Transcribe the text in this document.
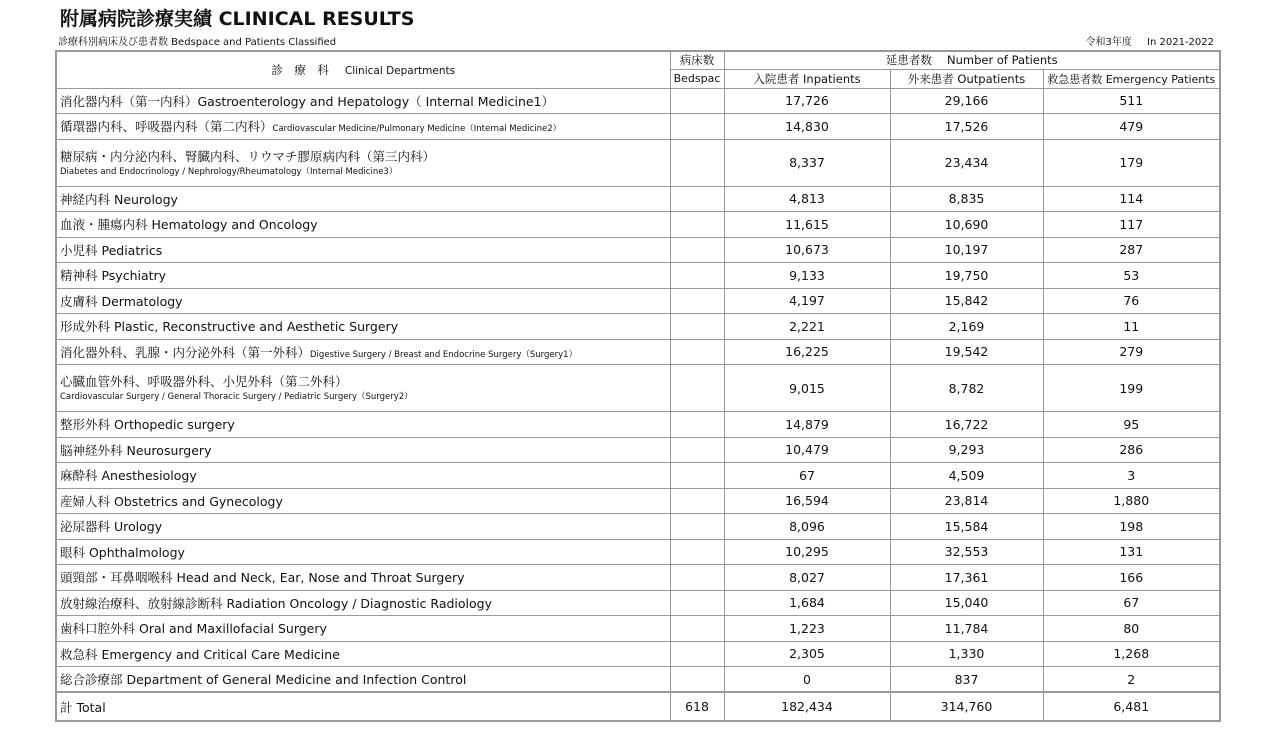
附属病院診療実績 CLINICAL RESULTS
診療科別病床及び患者数 Bedspace and Patients Classified	令和3年度 In 2021-2022
診　療　科 Clinical Departments	病床数	延患者数　 Number of Patients		
	Bedspac	入院患者 Inpatients	外来患者 Outpatients	救急患者数 Emergency Patients
消化器内科（第一内科）Gastroenterology and Hepatology（ Internal Medicine1）		17,726	29,166	511
循環器内科、呼吸器内科（第二内科）Cardiovascular Medicine/Pulmonary Medicine（Internal Medicine2）		14,830	17,526	479

糖尿病・内分泌内科、腎臓内科、リウマチ膠原病内科（第三内科）
Diabetes and Endocrinology / Nephrology/Rheumatology（Internal Medicine3）		8,337	23,434	179
神経内科 Neurology		4,813	8,835	114
血液・腫瘍内科 Hematology and Oncology		11,615	10,690	117
小児科 Pediatrics		10,673	10,197	287
精神科 Psychiatry		9,133	19,750	53
皮膚科 Dermatology		4,197	15,842	76
形成外科 Plastic, Reconstructive and Aesthetic Surgery		2,221	2,169	11
消化器外科、乳腺・内分泌外科（第一外科）Digestive Surgery / Breast and Endocrine Surgery（Surgery1）		16,225	19,542	279

心臓血管外科、呼吸器外科、小児外科（第二外科）
Cardiovascular Surgery / General Thoracic Surgery / Pediatric Surgery（Surgery2）		9,015	8,782	199
整形外科 Orthopedic surgery		14,879	16,722	95
脳神経外科 Neurosurgery		10,479	9,293	286
麻酔科 Anesthesiology		67	4,509	3
産婦人科 Obstetrics and Gynecology		16,594	23,814	1,880
泌尿器科 Urology		8,096	15,584	198
眼科 Ophthalmology		10,295	32,553	131
頭頸部・耳鼻咽喉科 Head and Neck, Ear, Nose and Throat Surgery		8,027	17,361	166
放射線治療科、放射線診断科 Radiation Oncology / Diagnostic Radiology		1,684	15,040	67
歯科口腔外科 Oral and Maxillofacial Surgery		1,223	11,784	80
救急科 Emergency and Critical Care Medicine		2,305	1,330	1,268
総合診療部 Department of General Medicine and Infection Control		0	837	2
計 Total	618	182,434	314,760	6,481
